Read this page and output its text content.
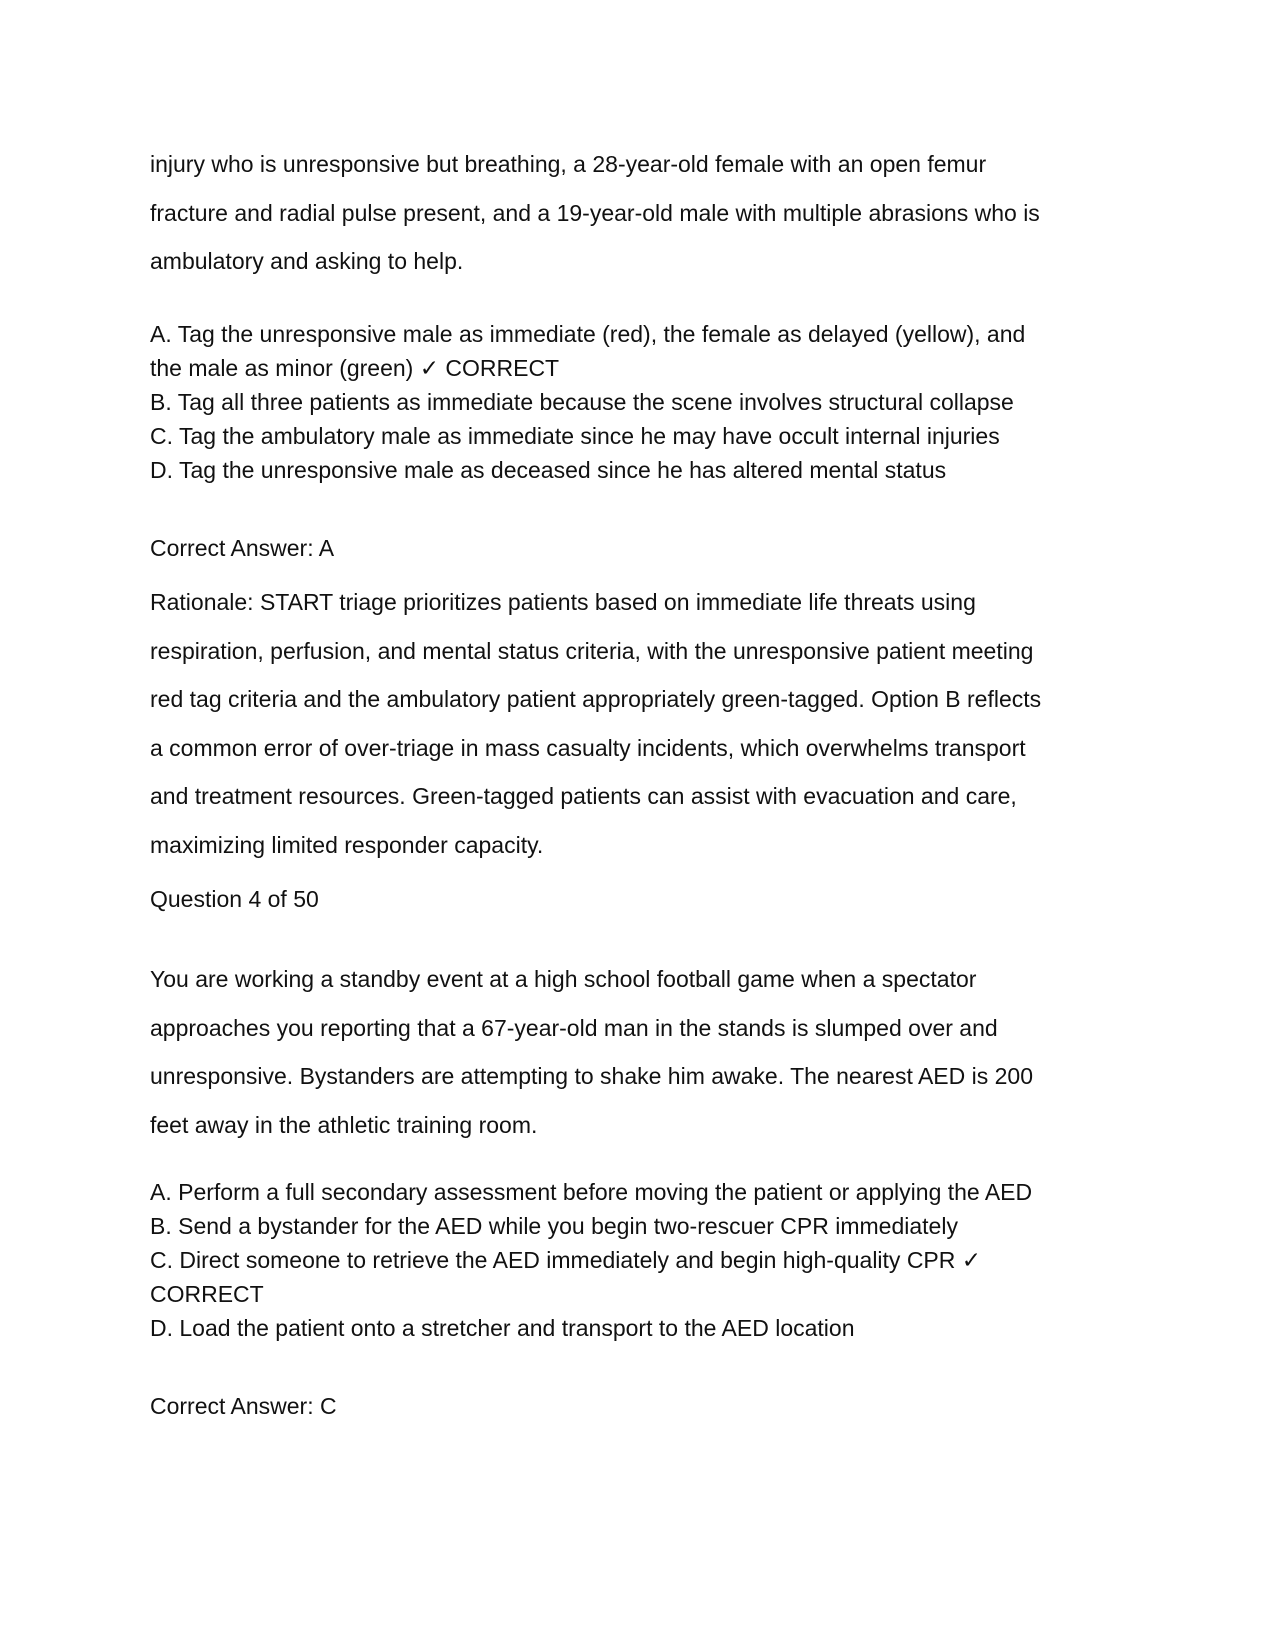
injury who is unresponsive but breathing, a 28-year-old female with an open femur

fracture and radial pulse present, and a 19-year-old male with multiple abrasions who is

ambulatory and asking to help.

A. Tag the unresponsive male as immediate (red), the female as delayed (yellow), and

the male as minor (green) ✓ CORRECT

B. Tag all three patients as immediate because the scene involves structural collapse

C. Tag the ambulatory male as immediate since he may have occult internal injuries

D. Tag the unresponsive male as deceased since he has altered mental status

Correct Answer: A

Rationale: START triage prioritizes patients based on immediate life threats using

respiration, perfusion, and mental status criteria, with the unresponsive patient meeting

red tag criteria and the ambulatory patient appropriately green-tagged. Option B reflects

a common error of over-triage in mass casualty incidents, which overwhelms transport

and treatment resources. Green-tagged patients can assist with evacuation and care,

maximizing limited responder capacity.

Question 4 of 50

You are working a standby event at a high school football game when a spectator

approaches you reporting that a 67-year-old man in the stands is slumped over and

unresponsive. Bystanders are attempting to shake him awake. The nearest AED is 200

feet away in the athletic training room.

A. Perform a full secondary assessment before moving the patient or applying the AED

B. Send a bystander for the AED while you begin two-rescuer CPR immediately

C. Direct someone to retrieve the AED immediately and begin high-quality CPR ✓

CORRECT

D. Load the patient onto a stretcher and transport to the AED location

Correct Answer: C
